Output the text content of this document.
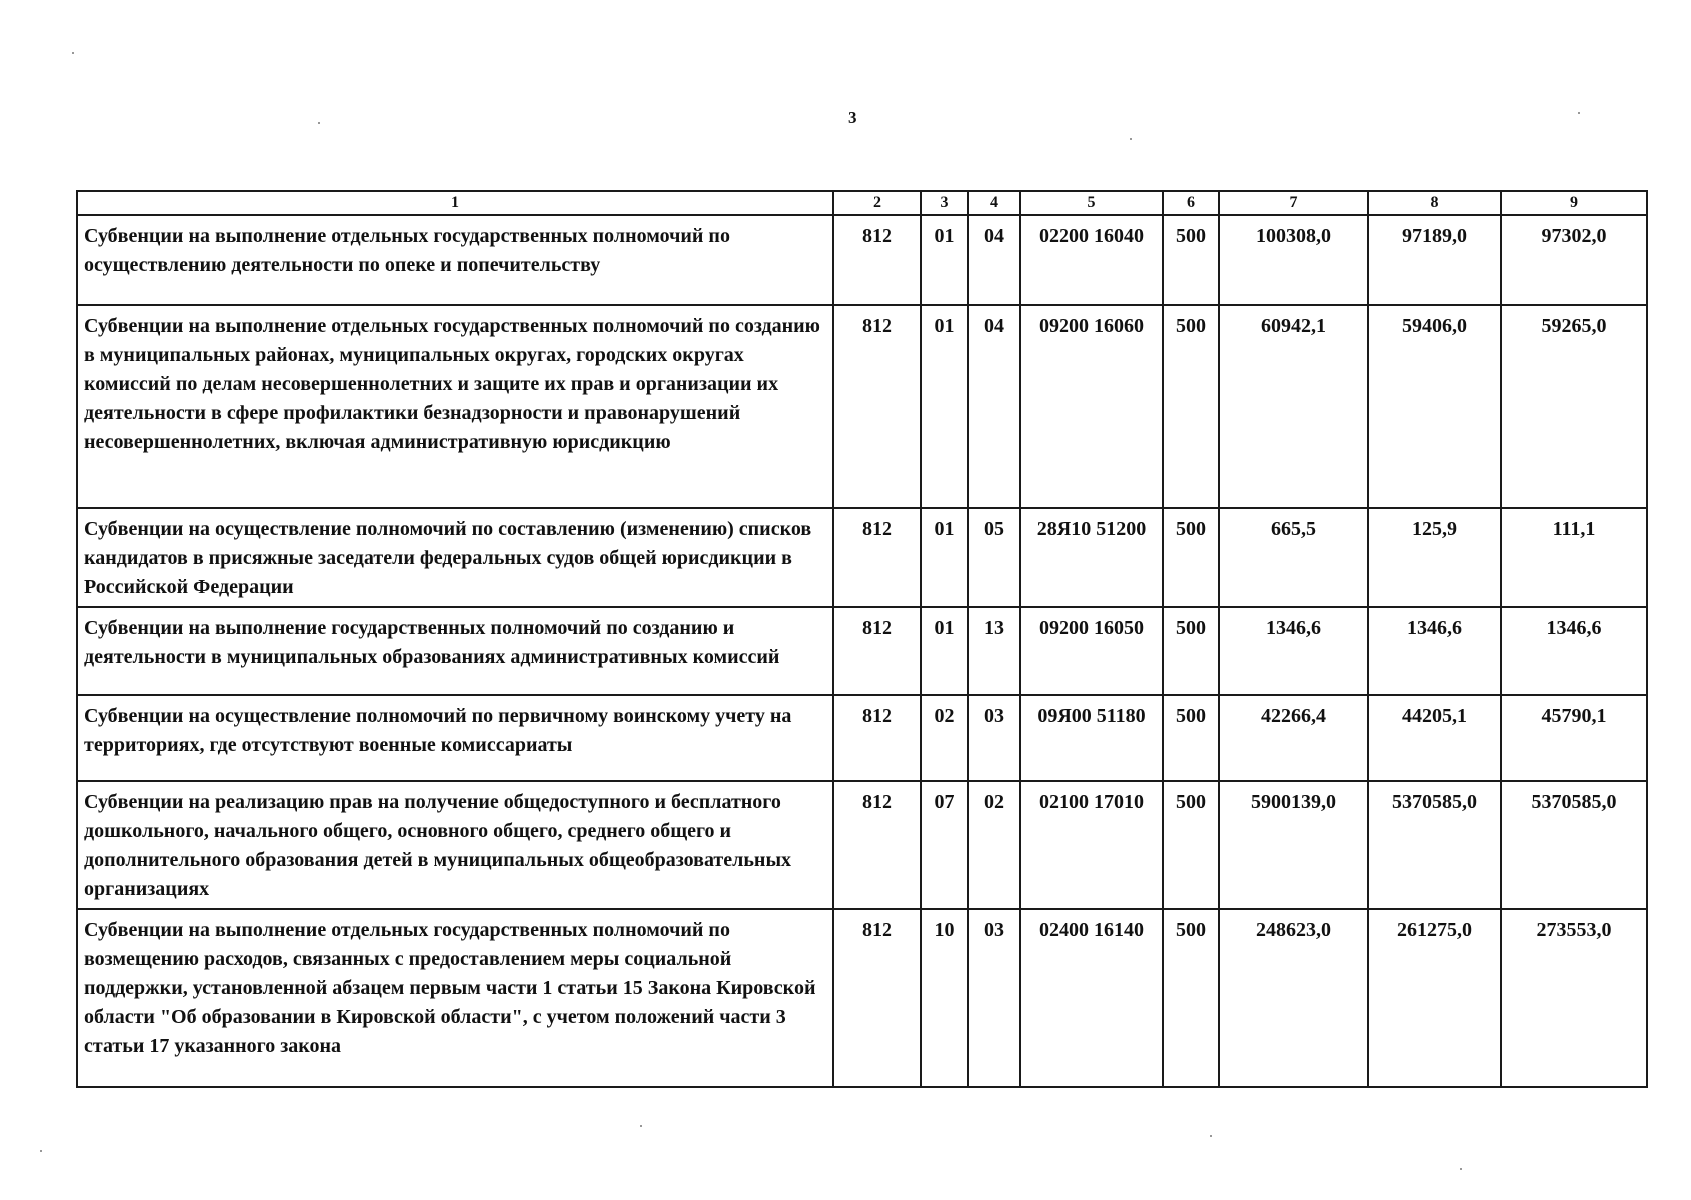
3
1	2	3	4	5	6	7	8	9
Субвенции на выполнение отдельных государственных полномочий по осуществлению деятельности по опеке и попечительству	812	01	04	02200 16040	500	100308,0	97189,0	97302,0
Субвенции на выполнение отдельных государственных полномочий по созданию в муниципальных районах, муниципальных округах, городских округах комиссий по делам несовершеннолетних и защите их прав и организации их деятельности в сфере профилактики безнадзорности и правонарушений несовершеннолетних, включая административную юрисдикцию	812	01	04	09200 16060	500	60942,1	59406,0	59265,0
Субвенции на осуществление полномочий по составлению (изменению) списков кандидатов в присяжные заседатели федеральных судов общей юрисдикции в Российской Федерации	812	01	05	28Я10 51200	500	665,5	125,9	111,1
Субвенции на выполнение государственных полномочий по созданию и деятельности в муниципальных образованиях административных комиссий	812	01	13	09200 16050	500	1346,6	1346,6	1346,6
Субвенции на осуществление полномочий по первичному воинскому учету на территориях, где отсутствуют военные комиссариаты	812	02	03	09Я00 51180	500	42266,4	44205,1	45790,1
Субвенции на реализацию прав на получение общедоступного и бесплатного дошкольного, начального общего, основного общего, среднего общего и дополнительного образования детей в муниципальных общеобразовательных организациях	812	07	02	02100 17010	500	5900139,0	5370585,0	5370585,0
Субвенции на выполнение отдельных государственных полномочий по возмещению расходов, связанных с предоставлением меры социальной поддержки, установленной абзацем первым части 1 статьи 15 Закона Кировской области "Об образовании в Кировской области", с учетом положений части 3 статьи 17 указанного закона	812	10	03	02400 16140	500	248623,0	261275,0	273553,0
